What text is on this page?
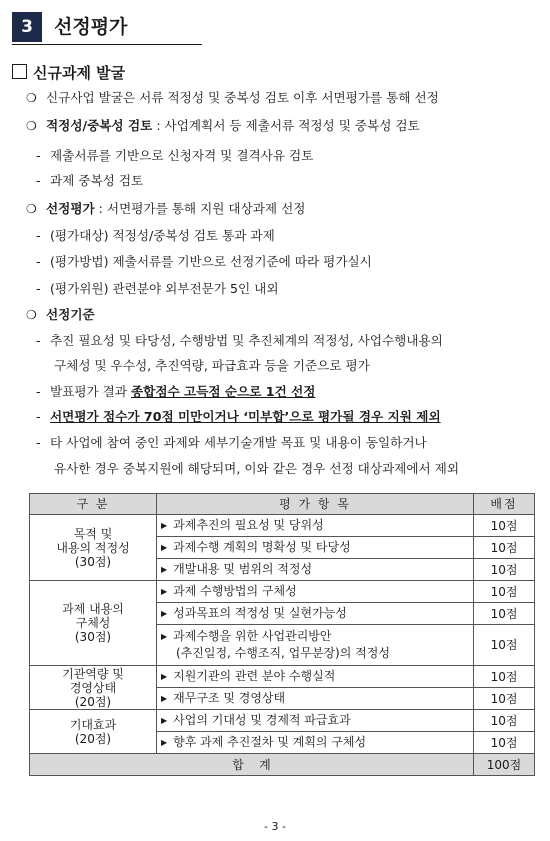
3	선정평가
신규과제 발굴
❍ 신규사업 발굴은 서류 적정성 및 중복성 검토 이후 서면평가를 통해 선정
❍ 적정성/중복성 검토 : 사업계획서 등 제출서류 적정성 및 중복성 검토
- 제출서류를 기반으로 신청자격 및 결격사유 검토
- 과제 중복성 검토
❍ 선정평가 : 서면평가를 통해 지원 대상과제 선정
- (평가대상) 적정성/중복성 검토 통과 과제
- (평가방법) 제출서류를 기반으로 선정기준에 따라 평가실시
- (평가위원) 관련분야 외부전문가 5인 내외
❍ 선정기준
- 추진 필요성 및 타당성, 수행방법 및 추진체계의 적정성, 사업수행내용의
구체성 및 우수성, 추진역량, 파급효과 등을 기준으로 평가
- 발표평가 결과 종합점수 고득점 순으로 1건 선정
- 서면평가 점수가 70점 미만이거나 ‘미부합’으로 평가될 경우 지원 제외
- 타 사업에 참여 중인 과제와 세부기술개발 목표 및 내용이 동일하거나
유사한 경우 중복지원에 해당되며, 이와 같은 경우 선정 대상과제에서 제외
구 분	평 가 항 목	배점
목적 및
내용의 적정성
(30점)	▶ 과제추진의 필요성 및 당위성	10점
	▶ 과제수행 계획의 명확성 및 타당성	10점
	▶ 개발내용 및 범위의 적정성	10점
과제 내용의
구체성
(30점)	▶ 과제 수행방법의 구체성	10점
	▶ 성과목표의 적정성 및 실현가능성	10점
	▶ 과제수행을 위한 사업관리방안
(추진일정, 수행조직, 업무분장)의 적정성	10점
기관역량 및
경영상태
(20점)	▶ 지원기관의 관련 분야 수행실적	10점
	▶ 재무구조 및 경영상태	10점
기대효과
(20점)	▶ 사업의 기대성 및 경제적 파급효과	10점
	▶ 향후 과제 추진절차 및 계획의 구체성	10점
합    계		100점
- 3 -
